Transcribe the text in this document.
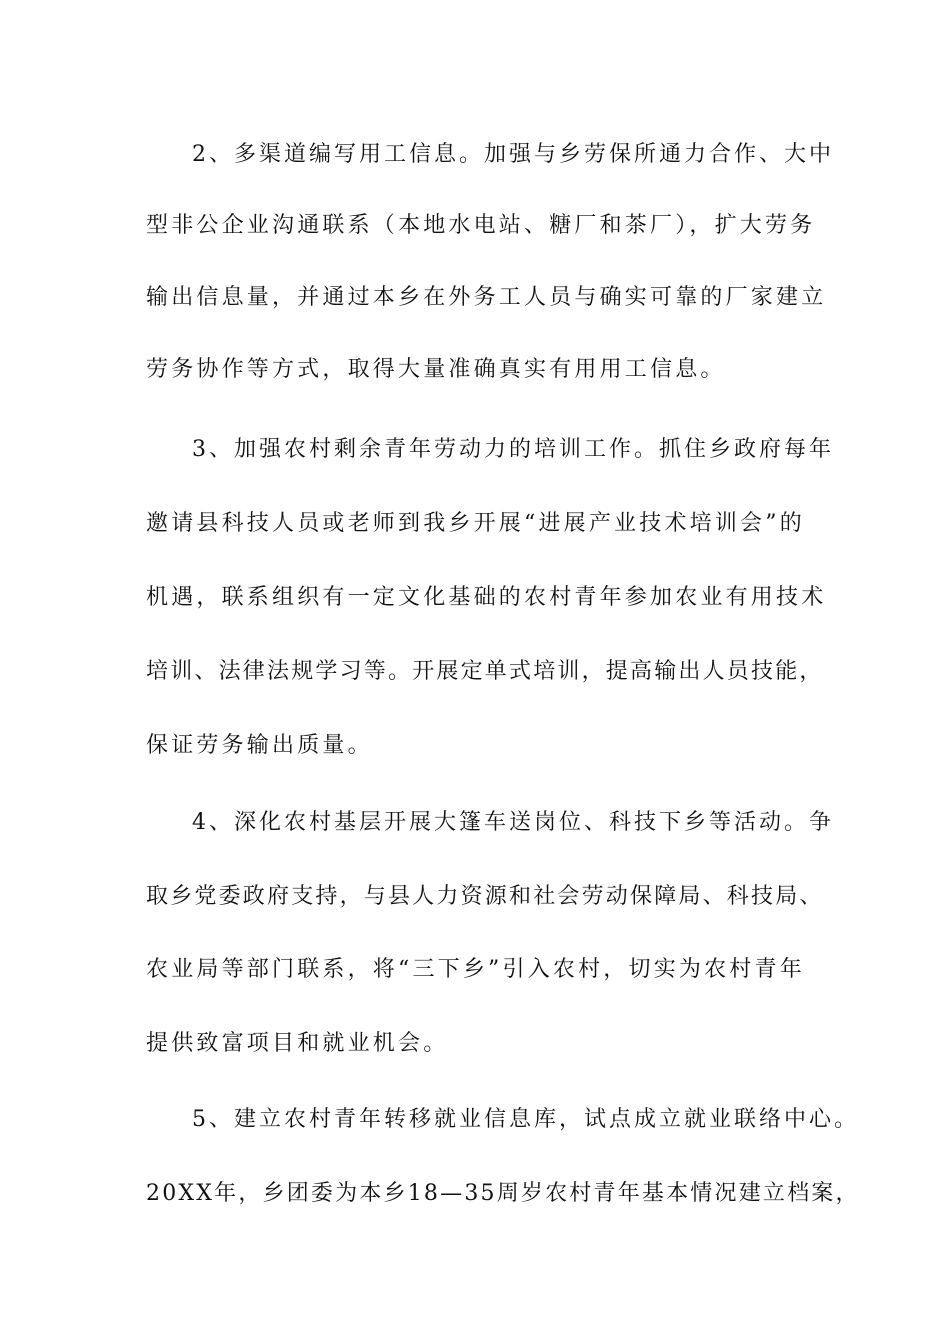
2、多渠道编写用工信息。加强与乡劳保所通力合作、大中
型非公企业沟通联系（本地水电站、糖厂和茶厂），扩大劳务
输出信息量，并通过本乡在外务工人员与确实可靠的厂家建立
劳务协作等方式，取得大量准确真实有用用工信息。
3、加强农村剩余青年劳动力的培训工作。抓住乡政府每年
邀请县科技人员或老师到我乡开展“进展产业技术培训会”的
机遇，联系组织有一定文化基础的农村青年参加农业有用技术
培训、法律法规学习等。开展定单式培训，提高输出人员技能，
保证劳务输出质量。
4、深化农村基层开展大篷车送岗位、科技下乡等活动。争
取乡党委政府支持，与县人力资源和社会劳动保障局、科技局、
农业局等部门联系，将“三下乡”引入农村，切实为农村青年
提供致富项目和就业机会。
5、建立农村青年转移就业信息库，试点成立就业联络中心。
20XX年，乡团委为本乡18—35周岁农村青年基本情况建立档案，
